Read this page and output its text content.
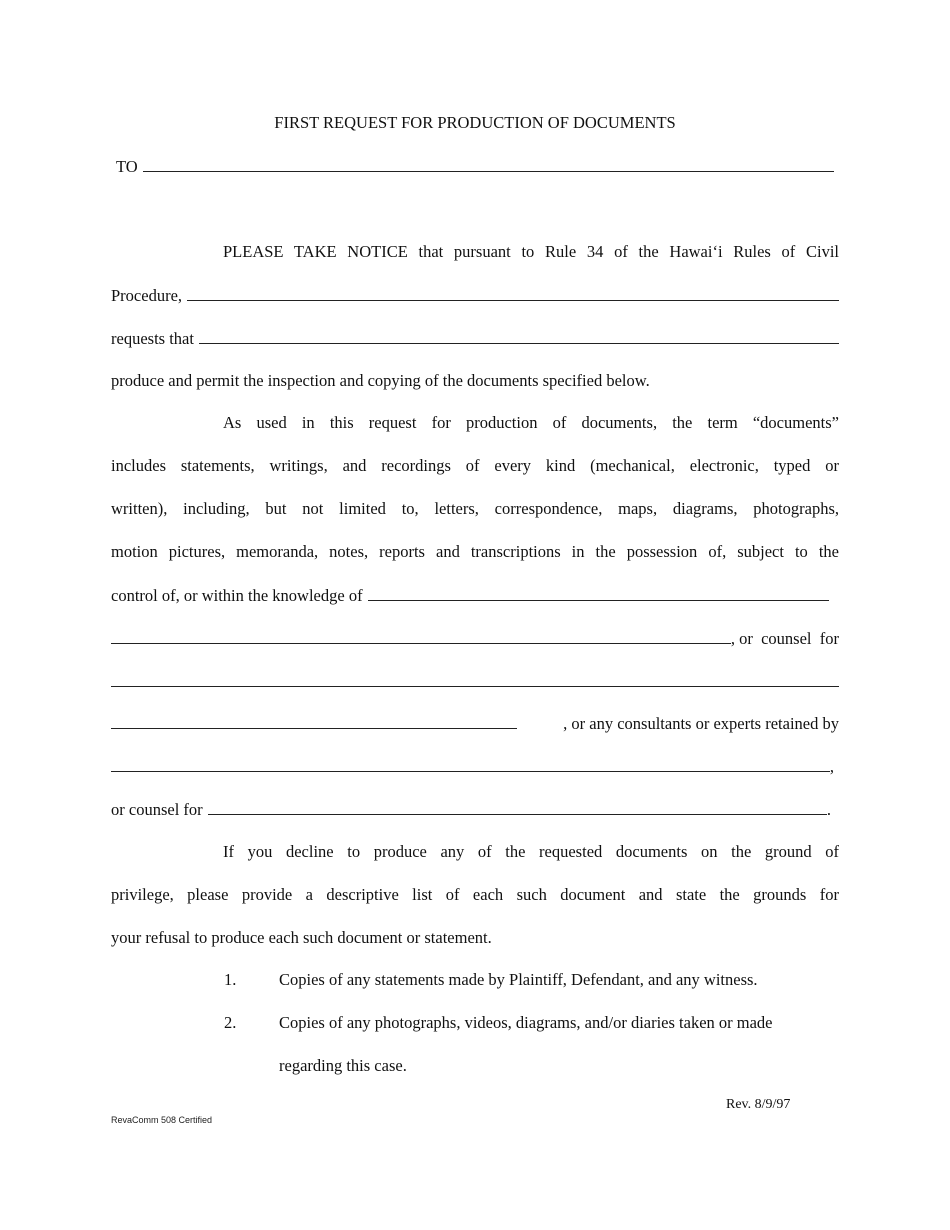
FIRST REQUEST FOR PRODUCTION OF DOCUMENTS
TO
PLEASE TAKE NOTICE that pursuant to Rule 34 of the Hawai‘i Rules of Civil
Procedure,
requests that
produce and permit the inspection and copying of the documents specified below.
As used in this request for production of documents, the term “documents”
includes statements, writings, and recordings of every kind (mechanical, electronic, typed or
written), including, but not limited to, letters, correspondence, maps, diagrams, photographs,
motion pictures, memoranda, notes, reports and transcriptions in the possession of, subject to the
control of, or within the knowledge of
, or  counsel  for
, or any consultants or experts retained by
,
or counsel for	.
If you decline to produce any of the requested documents on the ground of
privilege, please provide a descriptive list of each such document and state the grounds for
your refusal to produce each such document or statement.
1.	Copies of any statements made by Plaintiff, Defendant, and any witness.
2.	Copies of any photographs, videos, diagrams, and/or diaries taken or made
regarding this case.
Rev. 8/9/97
RevaComm 508 Certified
